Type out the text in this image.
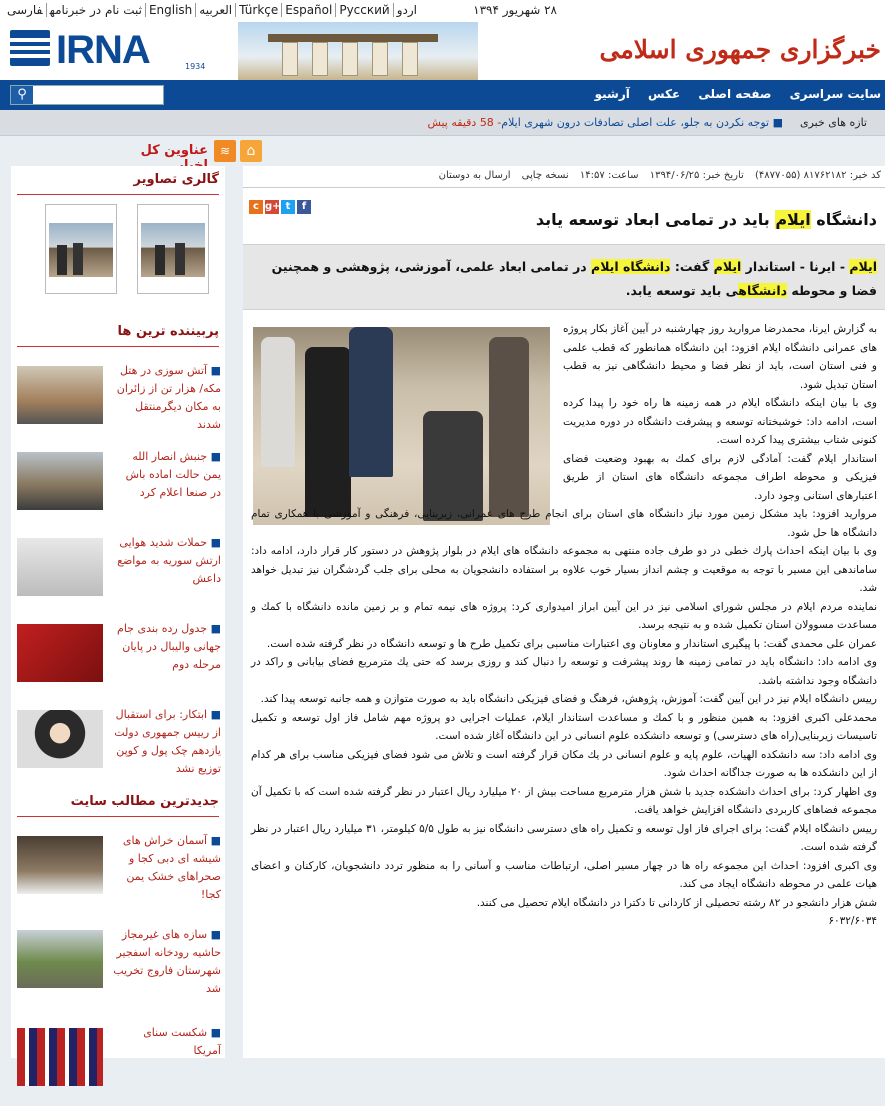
ثبت نام در خبرنامهفارسی	English العربیه Türkçe Español Русский اردو	۲۸ شهریور ۱۳۹۴
IRNA	1934
خبرگزاری جمهوری اسلامی
سایت سراسری صفحه اصلی عکس آرشیو
⚲
تازه های خبری
■ توجه نکردن به جلو، علت اصلی تصادفات درون شهری ایلام- 58 دقیقه پیش
⌂
≋
عناوین کل
گالری تصاویر
پربیننده ترین ها
■ آتش سوزی در هتل مکه/ هزار تن از زائران به مکان دیگرمنتقل شدند
■ جنبش انصار الله یمن حالت اماده باش در صنعا اعلام کرد
■ حملات شدید هوایی ارتش سوریه به مواضع داعش
■ جدول رده بندی جام جهانی والیبال در پایان مرحله دوم
■ ابتکار: برای استقبال از رییس جمهوری دولت یازدهم چک پول و کوپن توزیع نشد
جدیدترین مطالب سایت
■ آسمان خراش های شیشه ای دبی کجا و صحراهای خشک یمن کجا!
■ سازه های غیرمجاز حاشیه رودخانه اسفجیر شهرستان فاروج تخریب شد
■ شکست سنای آمریکا
کد خبر: ۸۱۷۶۲۱۸۲ (۴۸۷۷۰۵۵) تاریخ خبر: ۱۳۹۴/۰۶/۲۵ ساعت: ۱۴:۵۷ نسخه چاپی ارسال به دوستان
c g+ t f
دانشگاه ایلام باید در تمامی ابعاد توسعه یابد
ایلام - ایرنا - استاندار ایلام گفت: دانشگاه ایلام در تمامی ابعاد علمی، آموزشی، پژوهشی و همچنین فضا و محوطه دانشگاهی باید توسعه یابد.

به گزارش ایرنا، محمدرضا مرواريد روز چهارشنبه در آيين آغاز بكار پروژه های عمرانی دانشگاه ایلام افزود: اين دانشگاه همانطور كه قطب علمی و فنی استان است، بايد از نظر فضا و محيط دانشگاهی نيز به قطب استان تبديل شود.

وی با بيان اينكه دانشگاه ایلام در همه زمينه ها راه خود را پيدا كرده است، ادامه داد: خوشبختانه توسعه و پيشرفت دانشگاه در دوره مديريت كنونی شتاب بيشتری پيدا كرده است.

استاندار ایلام گفت: آمادگی لازم برای كمك به بهبود وضعيت فضای فيزيكی و محوطه اطراف مجموعه دانشگاه های استان از طريق اعتبارهای استانی وجود دارد.

مرواريد افزود: بايد مشكل زمين مورد نياز دانشگاه های استان برای انجام طرح های عمرانی، زيربنايی، فرهنگی و آموزشی با همكاری تمام دانشگاه ها حل شود.

وی با بيان اينكه احداث پارك خطی در دو طرف جاده منتهی به مجموعه دانشگاه های ایلام در بلوار پژوهش در دستور كار قرار دارد، ادامه داد: ساماندهی اين مسير با توجه به موقعيت و چشم انداز بسيار خوب علاوه بر استفاده دانشجويان به محلی برای جلب گردشگران نيز تبديل خواهد شد.

نماينده مردم ایلام در مجلس شورای اسلامی نيز در اين آيين ابراز اميدواری كرد: پروژه های نيمه تمام و بر زمين مانده دانشگاه با كمك و مساعدت مسوولان استان تكميل شده و به نتيجه برسد.

عمران علی محمدی گفت: با پيگيری استاندار و معاونان وی اعتبارات مناسبی برای تكميل طرح ها و توسعه دانشگاه در نظر گرفته شده است.

وی ادامه داد: دانشگاه بايد در تمامی زمينه ها روند پيشرفت و توسعه را دنبال كند و روزی برسد كه حتی يك مترمربع فضای بيابانی و راكد در دانشگاه وجود نداشته باشد.

رييس دانشگاه ایلام نيز در اين آيين گفت: آموزش، پژوهش، فرهنگ و فضای فيزيكی دانشگاه بايد به صورت متوازن و همه جانبه توسعه پيدا كند.

محمدعلی اكبری افزود: به همين منظور و با كمك و مساعدت استاندار ایلام، عمليات اجرايی دو پروژه مهم شامل فاز اول توسعه و تكميل تاسيسات زيربنايی(راه های دسترسی) و توسعه دانشكده علوم انسانی در اين دانشگاه آغاز شده است.

وی ادامه داد: سه دانشكده الهيات، علوم پايه و علوم انسانی در يك مكان قرار گرفته است و تلاش می شود فضای فيزيكی مناسب برای هر كدام از اين دانشكده ها به صورت جداگانه احداث شود.

وی اظهار كرد: برای احداث دانشكده جديد با شش هزار مترمربع مساحت بيش از ۲۰ ميليارد ريال اعتبار در نظر گرفته شده است كه با تكميل آن مجموعه فضاهای كاربردی دانشگاه افزايش خواهد يافت.

رييس دانشگاه ایلام گفت: برای اجرای فاز اول توسعه و تكميل راه های دسترسی دانشگاه نيز به طول ۵/۵ كيلومتر، ۳۱ ميليارد ريال اعتبار در نظر گرفته شده است.

وی اكبری افزود: احداث اين مجموعه راه ها در چهار مسير اصلی، ارتباطات مناسب و آسانی را به منظور تردد دانشجويان، كاركنان و اعضای هيات علمی در محوطه دانشگاه ايجاد می كند.

شش هزار دانشجو در ۸۲ رشته تحصيلی از كاردانی تا دكترا در دانشگاه ایلام تحصيل می كنند.

۶۰۳۲/۶۰۳۴
